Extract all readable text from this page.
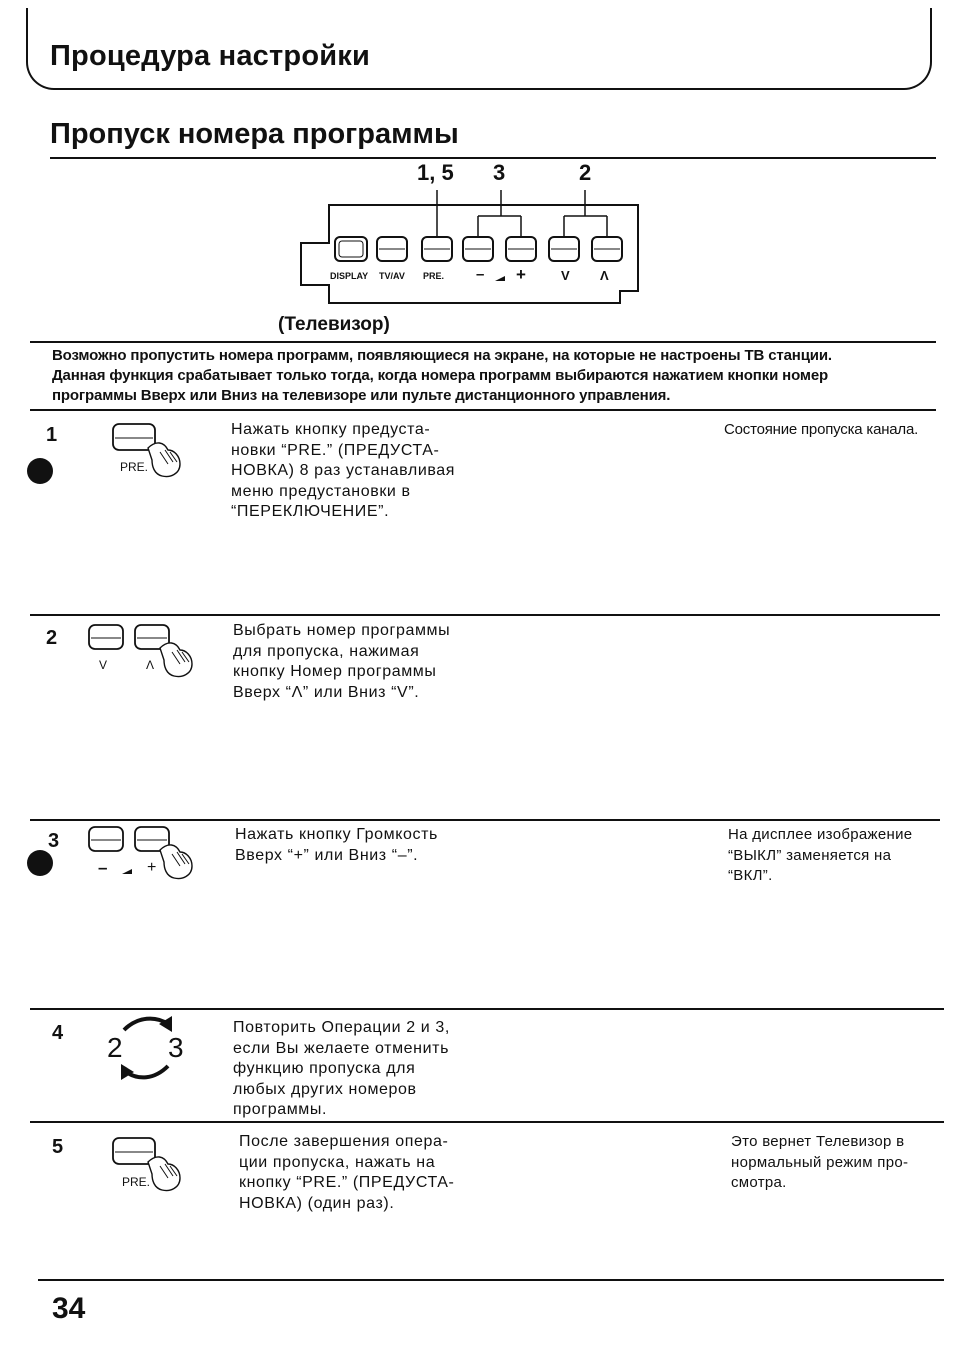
Процедура настройки
Пропуск номера программы
1, 5 3	2
DISPLAY TV/AV PRE. – +	V Λ
(Телевизор)
Возможно пропустить номера программ, появляющиеся на экране, на которые не настроены ТВ станции.
Данная функция срабатывает только тогда, когда номера программ выбираются нажатием кнопки номер
программы Вверх или Вниз на телевизоре или пульте дистанционного управления.
1
PRE.
Нажать кнопку предуста-
новки “PRE.” (ПРЕДУСТА-
НОВКА) 8 раз устанавливая
меню предустановки в
“ПЕРЕКЛЮЧЕНИЕ”.
Состояние пропуска канала.
2
V	Λ
Выбрать номер программы
для пропуска, нажимая
кнопку Номер программы
Вверх “Λ” или Вниз “V”.
3
– +
Нажать кнопку Громкость
Вверх “+” или Вниз “–”.
На дисплее изображение
“ВЫКЛ” заменяется на
“ВКЛ”.
4 2 3
Повторить Операции 2 и 3,
если Вы желаете отменить
функцию пропуска для
любых других номеров
программы.
5
PRE.
После завершения опера-
ции пропуска, нажать на
кнопку “PRE.” (ПРЕДУСТА-
НОВКА) (один раз).
Это вернет Телевизор в
нормальный режим про-
смотра.
34
